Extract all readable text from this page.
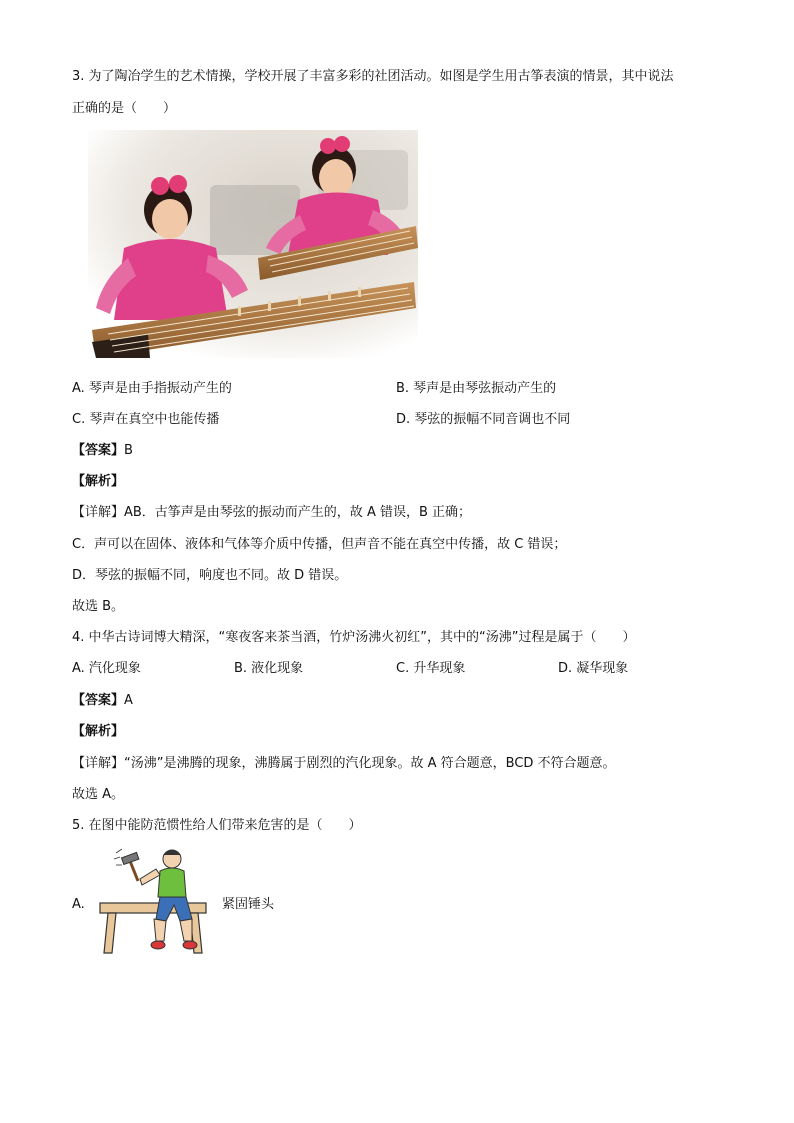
3. 为了陶冶学生的艺术情操，学校开展了丰富多彩的社团活动。如图是学生用古筝表演的情景，其中说法
正确的是（　　）
A. 琴声是由手指振动产生的	B. 琴声是由琴弦振动产生的
C. 琴声在真空中也能传播	D. 琴弦的振幅不同音调也不同
【答案】B
【解析】
【详解】AB．古筝声是由琴弦的振动而产生的，故 A 错误，B 正确；
C．声可以在固体、液体和气体等介质中传播，但声音不能在真空中传播，故 C 错误；
D．琴弦的振幅不同，响度也不同。故 D 错误。
故选 B。
4. 中华古诗词博大精深，“寒夜客来茶当酒，竹炉汤沸火初红”，其中的“汤沸”过程是属于（　　）
A. 汽化现象	B. 液化现象	C. 升华现象	D. 凝华现象
【答案】A
【解析】
【详解】“汤沸”是沸腾的现象，沸腾属于剧烈的汽化现象。故 A 符合题意，BCD 不符合题意。
故选 A。
5. 在图中能防范惯性给人们带来危害的是（　　）
A.	紧固锤头
